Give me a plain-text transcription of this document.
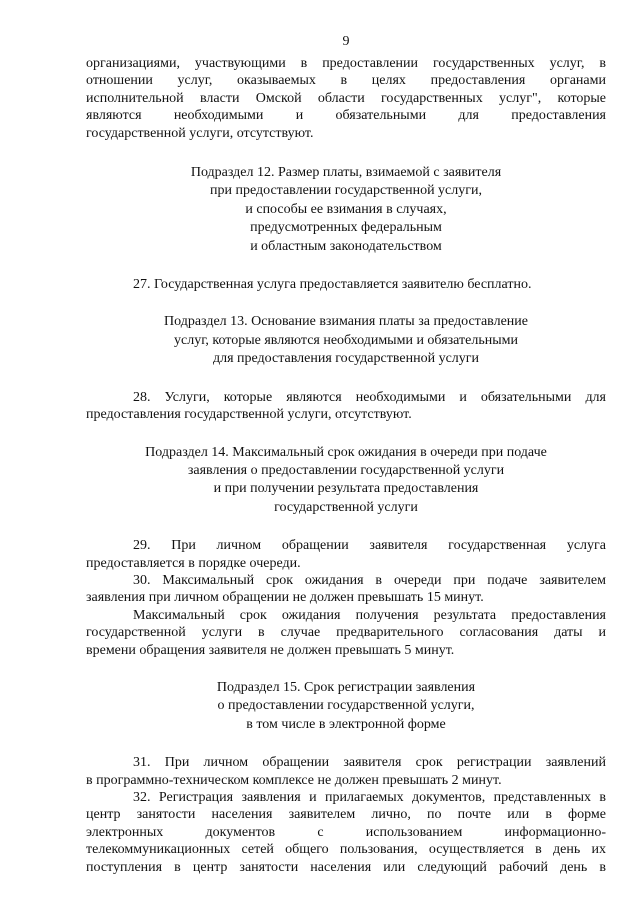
9

организациями, участвующими в предоставлении государственных услуг, в

отношении услуг, оказываемых в целях предоставления органами

исполнительной власти Омской области государственных услуг", которые

являются необходимыми и обязательными для предоставления

государственной услуги, отсутствуют.

Подраздел 12. Размер платы, взимаемой с заявителя
при предоставлении государственной услуги,
и способы ее взимания в случаях,
предусмотренных федеральным
и областным законодательством

27. Государственная услуга предоставляется заявителю бесплатно.

Подраздел 13. Основание взимания платы за предоставление
услуг, которые являются необходимыми и обязательными
для предоставления государственной услуги

28. Услуги, которые являются необходимыми и обязательными для

предоставления государственной услуги, отсутствуют.

Подраздел 14. Максимальный срок ожидания в очереди при подаче
заявления о предоставлении государственной услуги
и при получении результата предоставления
государственной услуги

29. При личном обращении заявителя государственная услуга

предоставляется в порядке очереди.

30. Максимальный срок ожидания в очереди при подаче заявителем

заявления при личном обращении не должен превышать 15 минут.

Максимальный срок ожидания получения результата предоставления

государственной услуги в случае предварительного согласования даты и

времени обращения заявителя не должен превышать 5 минут.

Подраздел 15. Срок регистрации заявления
о предоставлении государственной услуги,
в том числе в электронной форме

31. При личном обращении заявителя срок регистрации заявлений

в программно-техническом комплексе не должен превышать 2 минут.

32. Регистрация заявления и прилагаемых документов, представленных в

центр занятости населения заявителем лично, по почте или в форме

электронных документов с использованием информационно-

телекоммуникационных сетей общего пользования, осуществляется в день их

поступления в центр занятости населения или следующий рабочий день в
